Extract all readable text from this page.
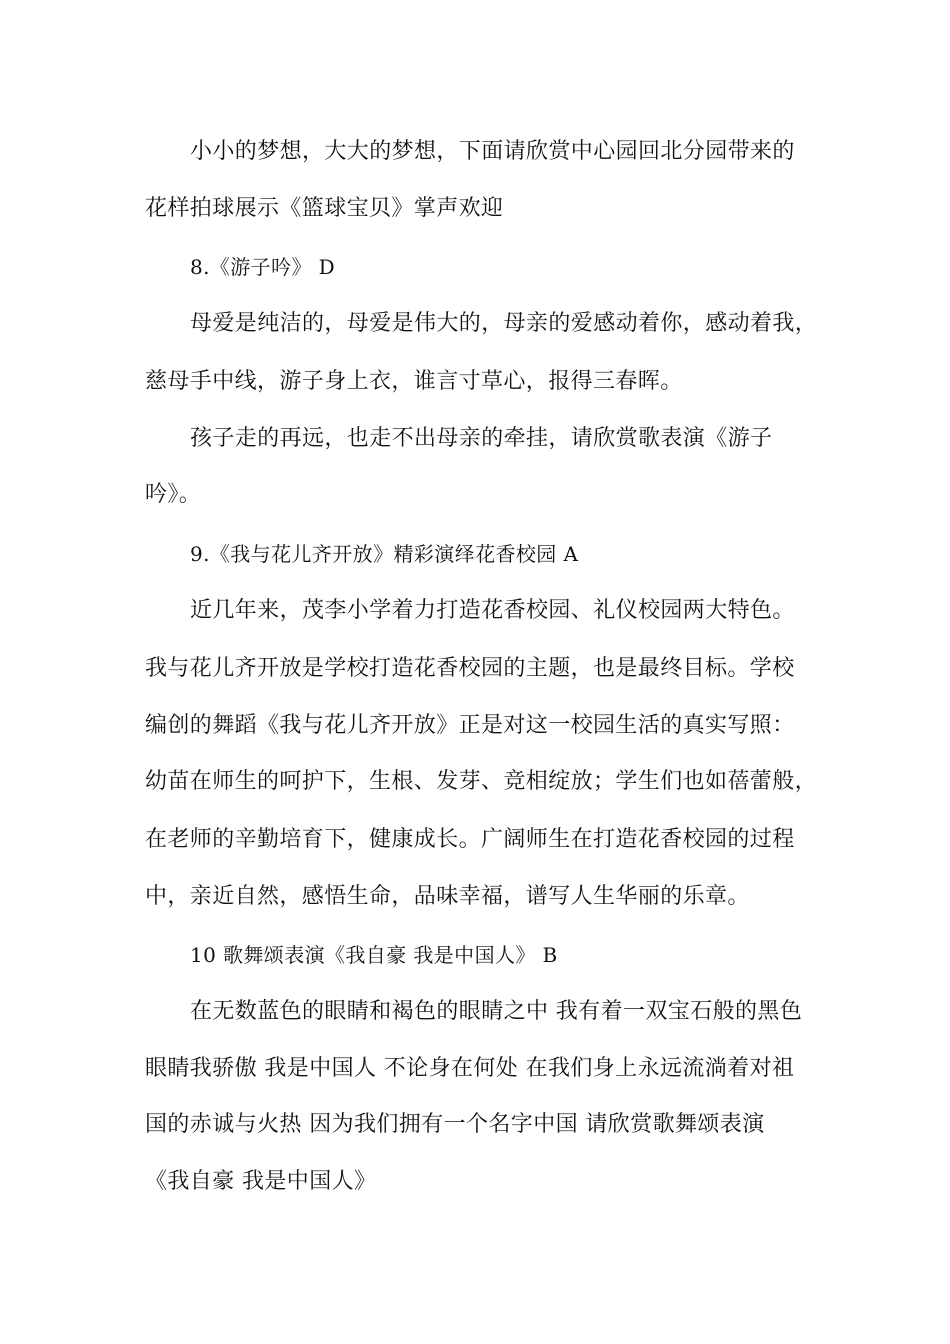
小小的梦想，大大的梦想，下面请欣赏中心园回北分园带来的
花样拍球展示《篮球宝贝》掌声欢迎
8.《游子吟》 D
母爱是纯洁的，母爱是伟大的，母亲的爱感动着你，感动着我，
慈母手中线，游子身上衣，谁言寸草心，报得三春晖。
孩子走的再远，也走不出母亲的牵挂，请欣赏歌表演《游子
吟》。
9.《我与花儿齐开放》精彩演绎花香校园 A
近几年来，茂李小学着力打造花香校园、礼仪校园两大特色。
我与花儿齐开放是学校打造花香校园的主题，也是最终目标。学校
编创的舞蹈《我与花儿齐开放》正是对这一校园生活的真实写照：
幼苗在师生的呵护下，生根、发芽、竞相绽放；学生们也如蓓蕾般，
在老师的辛勤培育下，健康成长。广阔师生在打造花香校园的过程
中，亲近自然，感悟生命，品味幸福，谱写人生华丽的乐章。
10 歌舞颂表演《我自豪 我是中国人》 B
在无数蓝色的眼睛和褐色的眼睛之中 我有着一双宝石般的黑色
眼睛我骄傲 我是中国人 不论身在何处 在我们身上永远流淌着对祖
国的赤诚与火热 因为我们拥有一个名字中国 请欣赏歌舞颂表演
《我自豪 我是中国人》
